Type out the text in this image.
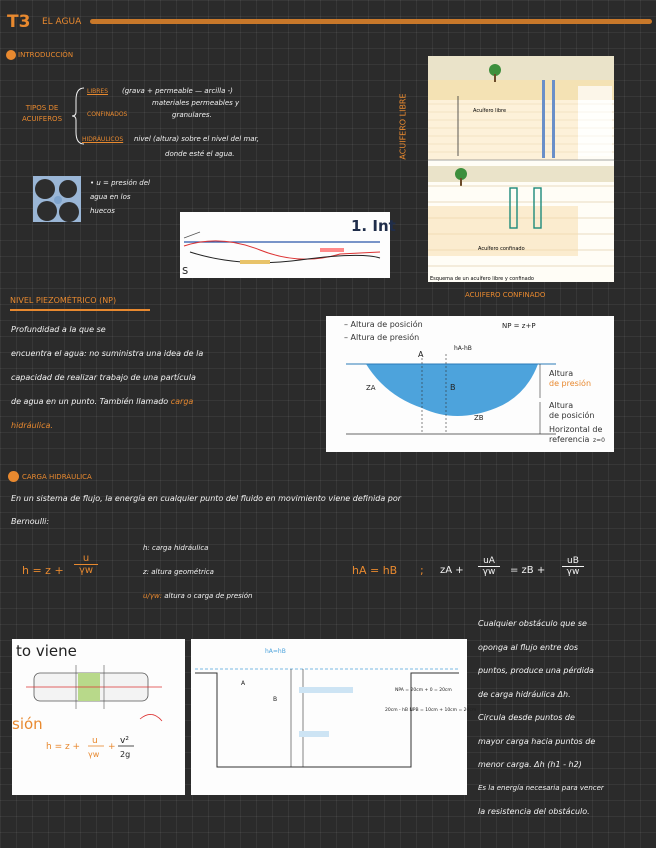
T3 EL AGUA
INTRODUCCIÓN
TIPOS DE
ACUIFEROS
LIBRES (grava + permeable — arcilla -)
materiales permeables y
granulares.
CONFINADOS
HIDRÁULICOS nivel (altura) sobre el nivel del mar,
donde esté el agua.
• u = presión del
agua en los
huecos
1. Int
s
Acuífero libre
Acuífero confinado
Esquema de un acuífero libre y confinado
ACUIFERO LIBRE
ACUIFERO CONFINADO
NIVEL PIEZOMÉTRICO (NP)
Profundidad a la que se
encuentra el agua: no suministra una idea de la
capacidad de realizar trabajo de una partícula
de agua en un punto. También llamado carga
hidráulica.
– Altura de posición
– Altura de presión
NP = z+P
hA-hB
A
B
ZA
ZB
Altura
de presión
Altura
de posición
Horizontal de
referencia z=0
CARGA HIDRÁULICA
En un sistema de flujo, la energía en cualquier punto del fluido en movimiento viene definida por
Bernoulli:
h = z +
u
γw
h: carga hidráulica
z: altura geométrica
u/γw: altura o carga de presión
hA = hB ; zA +
uA
γw	= zB +
uB
γw
to viene
sión
h = z +
u
γw
+
v²
2g
hA=hB
A
B
NPA = 20cm + 0 = 20cm
20cm - hB NPB = 10cm + 10cm = 20cm
Cualquier obstáculo que se
oponga al flujo entre dos
puntos, produce una pérdida
de carga hidráulica Δh.
Circula desde puntos de
mayor carga hacia puntos de
menor carga. Δh (h1 - h2)
Es la energía necesaria para vencer
la resistencia del obstáculo.
